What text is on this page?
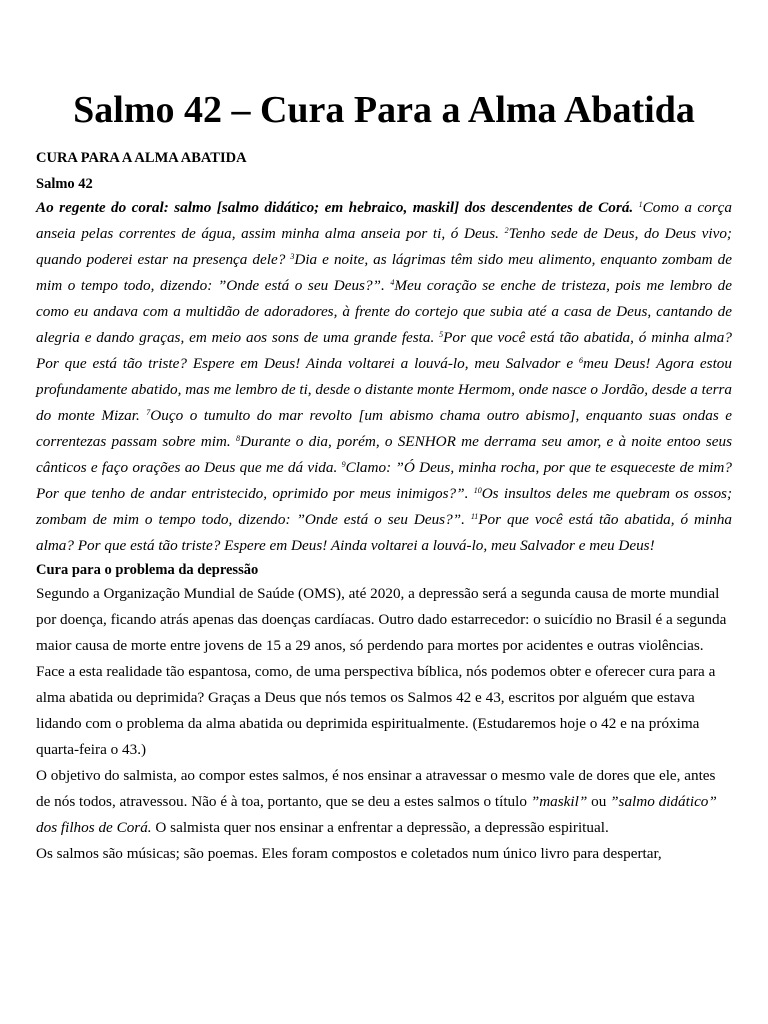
Salmo 42 – Cura Para a Alma Abatida
CURA PARA A ALMA ABATIDA
Salmo 42

Ao regente do coral: salmo [salmo didático; em hebraico, maskil] dos descendentes de Corá. $^1$Como a corça anseia pelas correntes de água, assim minha alma anseia por ti, ó Deus. $^2$Tenho sede de Deus, do Deus vivo; quando poderei estar na presença dele? $^3$Dia e noite, as lágrimas têm sido meu alimento, enquanto zombam de mim o tempo todo, dizendo: ”Onde está o seu Deus?”. $^4$Meu coração se enche de tristeza, pois me lembro de como eu andava com a multidão de adoradores, à frente do cortejo que subia até a casa de Deus, cantando de alegria e dando graças, em meio aos sons de uma grande festa. $^5$Por que você está tão abatida, ó minha alma? Por que está tão triste? Espere em Deus! Ainda voltarei a louvá-lo, meu Salvador e $^6$meu Deus! Agora estou profundamente abatido, mas me lembro de ti, desde o distante monte Hermom, onde nasce o Jordão, desde a terra do monte Mizar. $^7$Ouço o tumulto do mar revolto [um abismo chama outro abismo], enquanto suas ondas e correntezas passam sobre mim. $^8$Durante o dia, porém, o SENHOR me derrama seu amor, e à noite entoo seus cânticos e faço orações ao Deus que me dá vida. $^9$Clamo: ”Ó Deus, minha rocha, por que te esqueceste de mim? Por que tenho de andar entristecido, oprimido por meus inimigos?”. $^{10}$Os insultos deles me quebram os ossos; zombam de mim o tempo todo, dizendo: ”Onde está o seu Deus?”. $^{11}$Por que você está tão abatida, ó minha alma? Por que está tão triste? Espere em Deus! Ainda voltarei a louvá-lo, meu Salvador e meu Deus!

Cura para o problema da depressão

Segundo a Organização Mundial de Saúde (OMS), até 2020, a depressão será a segunda causa de morte mundial por doença, ficando atrás apenas das doenças cardíacas. Outro dado estarrecedor: o suicídio no Brasil é a segunda maior causa de morte entre jovens de 15 a 29 anos, só perdendo para mortes por acidentes e outras violências.

Face a esta realidade tão espantosa, como, de uma perspectiva bíblica, nós podemos obter e oferecer cura para a alma abatida ou deprimida? Graças a Deus que nós temos os Salmos 42 e 43, escritos por alguém que estava lidando com o problema da alma abatida ou deprimida espiritualmente. (Estudaremos hoje o 42 e na próxima quarta-feira o 43.)

O objetivo do salmista, ao compor estes salmos, é nos ensinar a atravessar o mesmo vale de dores que ele, antes de nós todos, atravessou. Não é à toa, portanto, que se deu a estes salmos o título ”maskil” ou ”salmo didático” dos filhos de Corá. O salmista quer nos ensinar a enfrentar a depressão, a depressão espiritual.

Os salmos são músicas; são poemas. Eles foram compostos e coletados num único livro para despertar,
